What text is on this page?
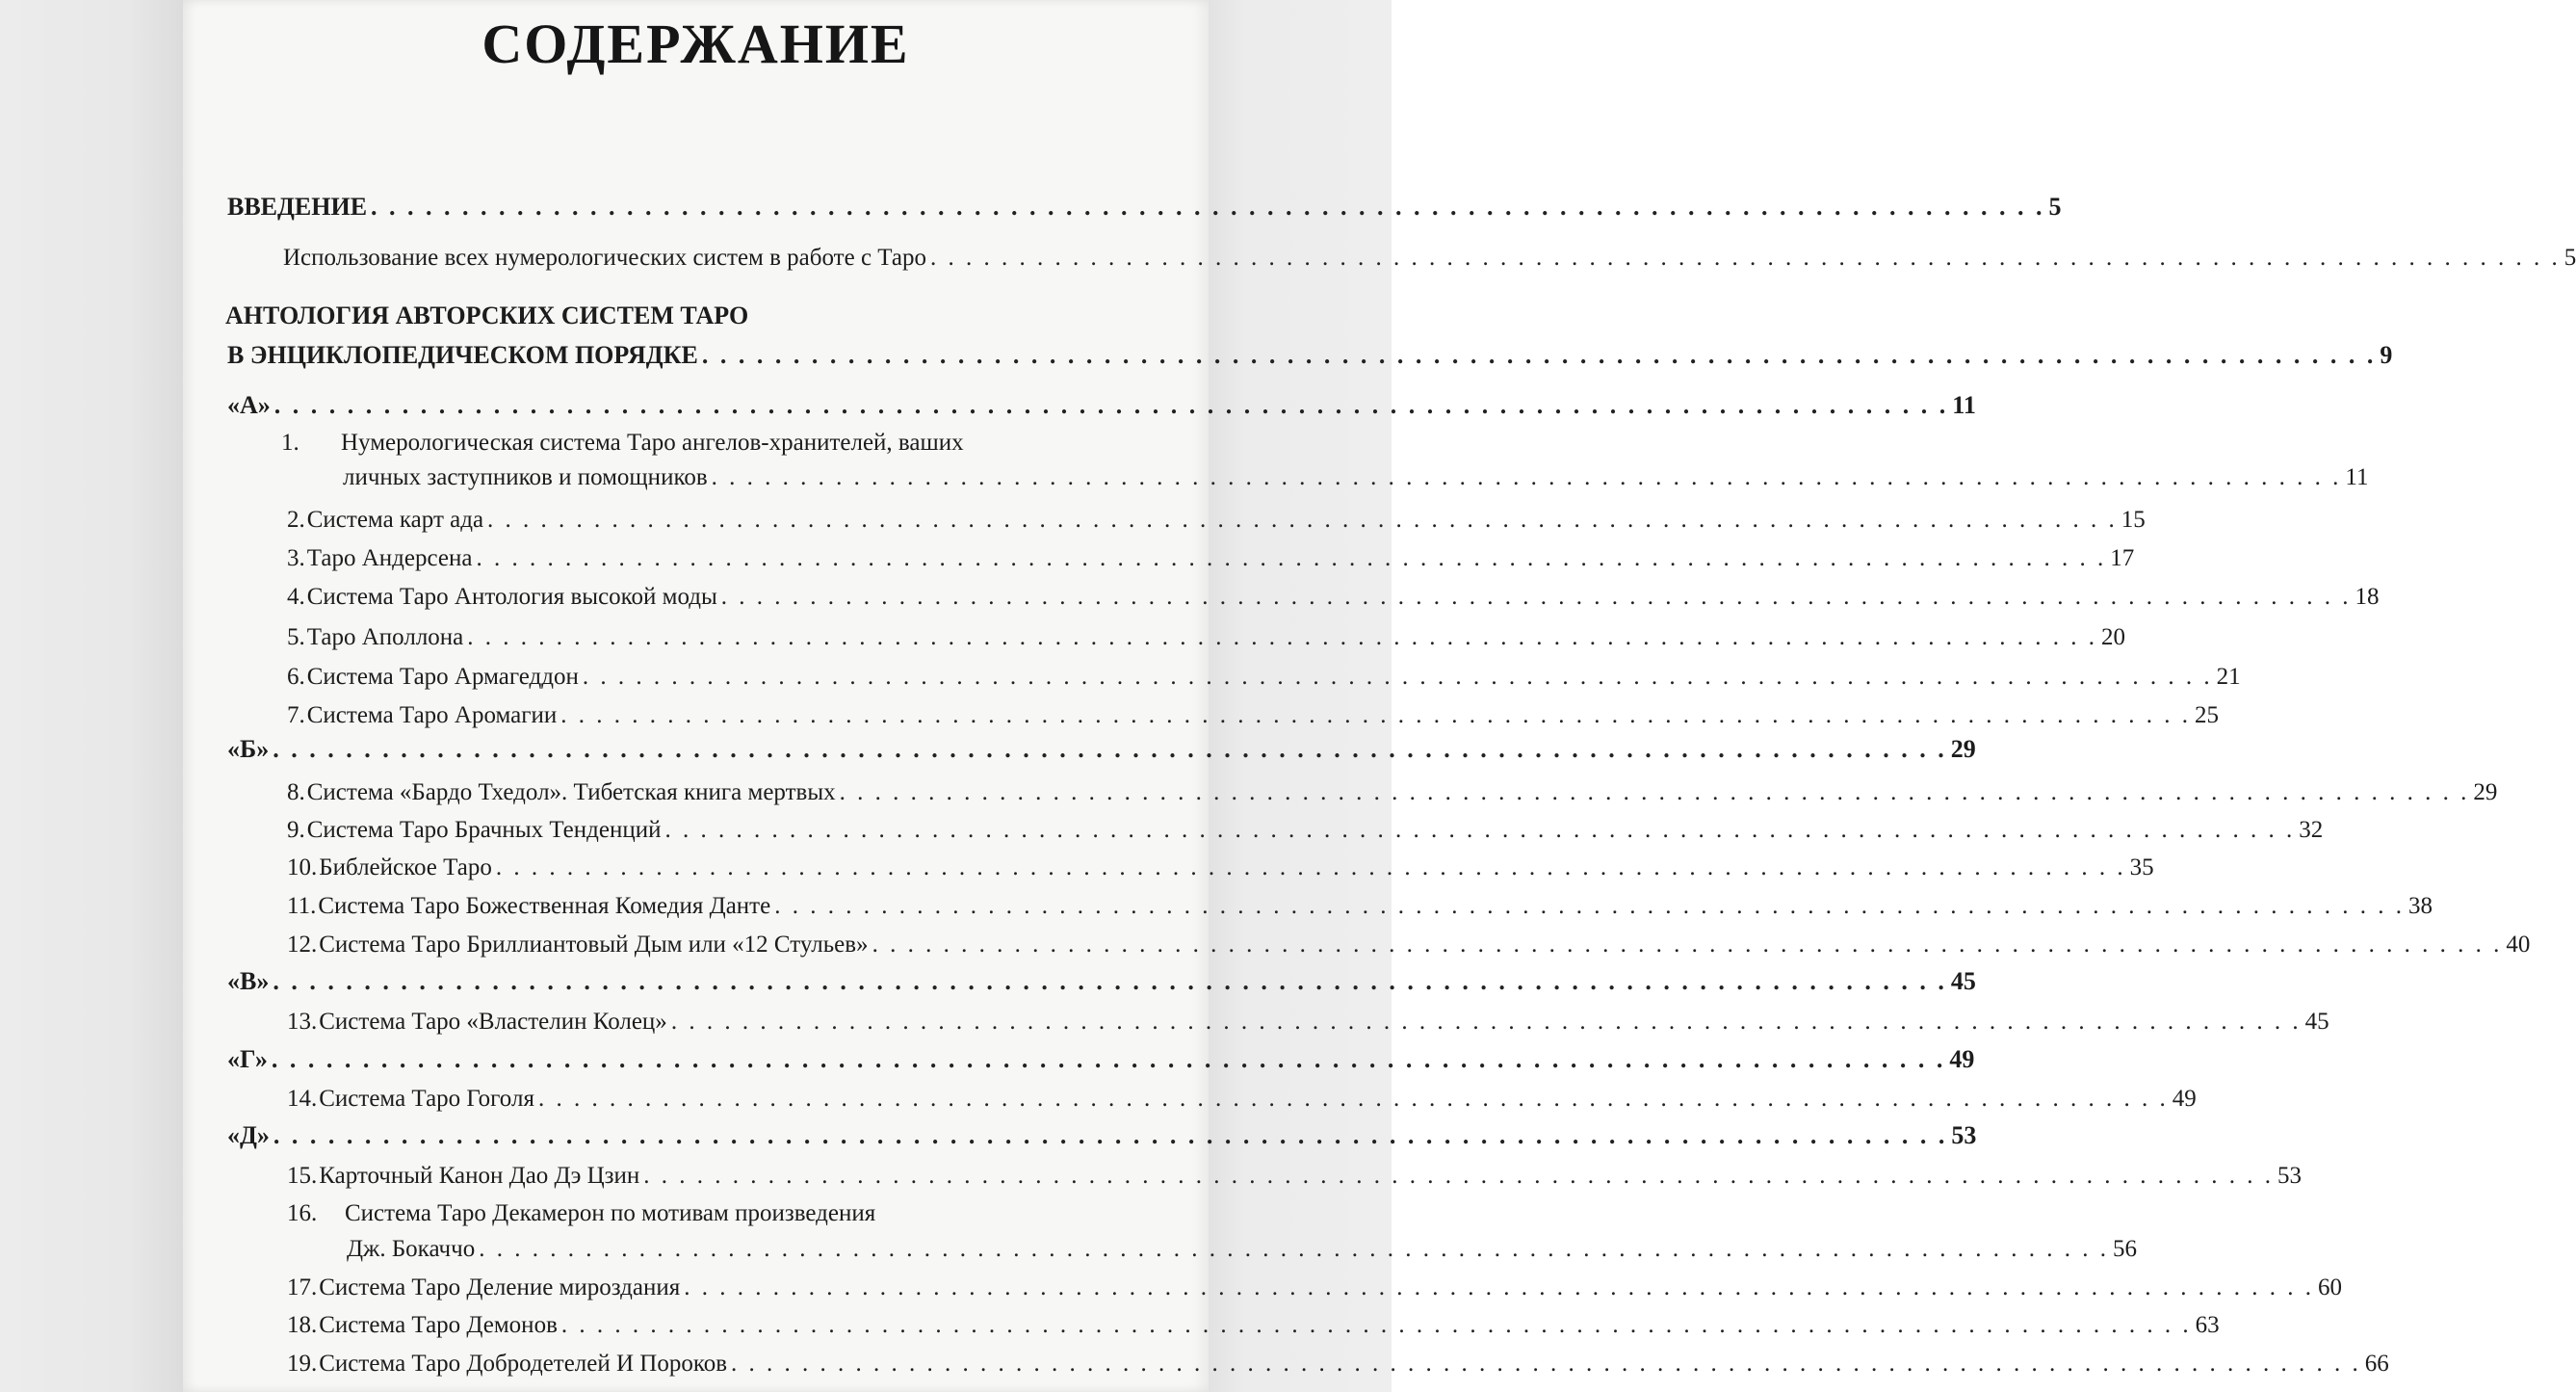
СОДЕРЖАНИЕ
ВВЕДЕНИЕ . . . . . . . . . . . . . . . . . . . . . . . . . . . . . . . . . . . . . . . . . . . . . . . . . . . . . . . . . . . . . . . . . . . . . . . . . . . . . . . . . . . . . . . . . . . . 5
Использование всех нумерологических систем в работе с Таро . . . . . . . . . . . . . . . . . . . . . . . . . . . . . . . . . . . . . . . . . . . . . . . . . . . . . . . . . . . . . . . . . . . . . . . . . . . . . . . . . . . . . . . . . . . . 5
АНТОЛОГИЯ АВТОРСКИХ СИСТЕМ ТАРО
В ЭНЦИКЛОПЕДИЧЕСКОМ ПОРЯДКЕ . . . . . . . . . . . . . . . . . . . . . . . . . . . . . . . . . . . . . . . . . . . . . . . . . . . . . . . . . . . . . . . . . . . . . . . . . . . . . . . . . . . . . . . . . . . . 9
«А» . . . . . . . . . . . . . . . . . . . . . . . . . . . . . . . . . . . . . . . . . . . . . . . . . . . . . . . . . . . . . . . . . . . . . . . . . . . . . . . . . . . . . . . . . . . . 11
1. Нумерологическая система Таро ангелов-хранителей, ваших
личных заступников и помощников . . . . . . . . . . . . . . . . . . . . . . . . . . . . . . . . . . . . . . . . . . . . . . . . . . . . . . . . . . . . . . . . . . . . . . . . . . . . . . . . . . . . . . . . . . . . 11
2. Система карт ада . . . . . . . . . . . . . . . . . . . . . . . . . . . . . . . . . . . . . . . . . . . . . . . . . . . . . . . . . . . . . . . . . . . . . . . . . . . . . . . . . . . . . . . . . . . . 15
3. Таро Андерсена . . . . . . . . . . . . . . . . . . . . . . . . . . . . . . . . . . . . . . . . . . . . . . . . . . . . . . . . . . . . . . . . . . . . . . . . . . . . . . . . . . . . . . . . . . . . 17
4. Система Таро Антология высокой моды . . . . . . . . . . . . . . . . . . . . . . . . . . . . . . . . . . . . . . . . . . . . . . . . . . . . . . . . . . . . . . . . . . . . . . . . . . . . . . . . . . . . . . . . . . . . 18
5. Таро Аполлона . . . . . . . . . . . . . . . . . . . . . . . . . . . . . . . . . . . . . . . . . . . . . . . . . . . . . . . . . . . . . . . . . . . . . . . . . . . . . . . . . . . . . . . . . . . . 20
6. Система Таро Армагеддон . . . . . . . . . . . . . . . . . . . . . . . . . . . . . . . . . . . . . . . . . . . . . . . . . . . . . . . . . . . . . . . . . . . . . . . . . . . . . . . . . . . . . . . . . . . . 21
7. Система Таро Аромагии . . . . . . . . . . . . . . . . . . . . . . . . . . . . . . . . . . . . . . . . . . . . . . . . . . . . . . . . . . . . . . . . . . . . . . . . . . . . . . . . . . . . . . . . . . . . 25
«Б» . . . . . . . . . . . . . . . . . . . . . . . . . . . . . . . . . . . . . . . . . . . . . . . . . . . . . . . . . . . . . . . . . . . . . . . . . . . . . . . . . . . . . . . . . . . . 29
8. Система «Бардо Тхедол». Тибетская книга мертвых . . . . . . . . . . . . . . . . . . . . . . . . . . . . . . . . . . . . . . . . . . . . . . . . . . . . . . . . . . . . . . . . . . . . . . . . . . . . . . . . . . . . . . . . . . . . 29
9. Система Таро Брачных Тенденций . . . . . . . . . . . . . . . . . . . . . . . . . . . . . . . . . . . . . . . . . . . . . . . . . . . . . . . . . . . . . . . . . . . . . . . . . . . . . . . . . . . . . . . . . . . . 32
10. Библейское Таро . . . . . . . . . . . . . . . . . . . . . . . . . . . . . . . . . . . . . . . . . . . . . . . . . . . . . . . . . . . . . . . . . . . . . . . . . . . . . . . . . . . . . . . . . . . . 35
11. Система Таро Божественная Комедия Данте . . . . . . . . . . . . . . . . . . . . . . . . . . . . . . . . . . . . . . . . . . . . . . . . . . . . . . . . . . . . . . . . . . . . . . . . . . . . . . . . . . . . . . . . . . . . 38
12. Система Таро Бриллиантовый Дым или «12 Стульев» . . . . . . . . . . . . . . . . . . . . . . . . . . . . . . . . . . . . . . . . . . . . . . . . . . . . . . . . . . . . . . . . . . . . . . . . . . . . . . . . . . . . . . . . . . . . 40
«В» . . . . . . . . . . . . . . . . . . . . . . . . . . . . . . . . . . . . . . . . . . . . . . . . . . . . . . . . . . . . . . . . . . . . . . . . . . . . . . . . . . . . . . . . . . . . 45
13. Система Таро «Властелин Колец» . . . . . . . . . . . . . . . . . . . . . . . . . . . . . . . . . . . . . . . . . . . . . . . . . . . . . . . . . . . . . . . . . . . . . . . . . . . . . . . . . . . . . . . . . . . . 45
«Г» . . . . . . . . . . . . . . . . . . . . . . . . . . . . . . . . . . . . . . . . . . . . . . . . . . . . . . . . . . . . . . . . . . . . . . . . . . . . . . . . . . . . . . . . . . . . 49
14. Система Таро Гоголя . . . . . . . . . . . . . . . . . . . . . . . . . . . . . . . . . . . . . . . . . . . . . . . . . . . . . . . . . . . . . . . . . . . . . . . . . . . . . . . . . . . . . . . . . . . . 49
«Д» . . . . . . . . . . . . . . . . . . . . . . . . . . . . . . . . . . . . . . . . . . . . . . . . . . . . . . . . . . . . . . . . . . . . . . . . . . . . . . . . . . . . . . . . . . . . 53
15. Карточный Канон Дао Дэ Цзин . . . . . . . . . . . . . . . . . . . . . . . . . . . . . . . . . . . . . . . . . . . . . . . . . . . . . . . . . . . . . . . . . . . . . . . . . . . . . . . . . . . . . . . . . . . . 53
16. Система Таро Декамерон по мотивам произведения
Дж. Бокаччо . . . . . . . . . . . . . . . . . . . . . . . . . . . . . . . . . . . . . . . . . . . . . . . . . . . . . . . . . . . . . . . . . . . . . . . . . . . . . . . . . . . . . . . . . . . . 56
17. Система Таро Деление мироздания . . . . . . . . . . . . . . . . . . . . . . . . . . . . . . . . . . . . . . . . . . . . . . . . . . . . . . . . . . . . . . . . . . . . . . . . . . . . . . . . . . . . . . . . . . . . 60
18. Система Таро Демонов . . . . . . . . . . . . . . . . . . . . . . . . . . . . . . . . . . . . . . . . . . . . . . . . . . . . . . . . . . . . . . . . . . . . . . . . . . . . . . . . . . . . . . . . . . . . 63
19. Система Таро Добродетелей И Пороков . . . . . . . . . . . . . . . . . . . . . . . . . . . . . . . . . . . . . . . . . . . . . . . . . . . . . . . . . . . . . . . . . . . . . . . . . . . . . . . . . . . . . . . . . . . . 66
